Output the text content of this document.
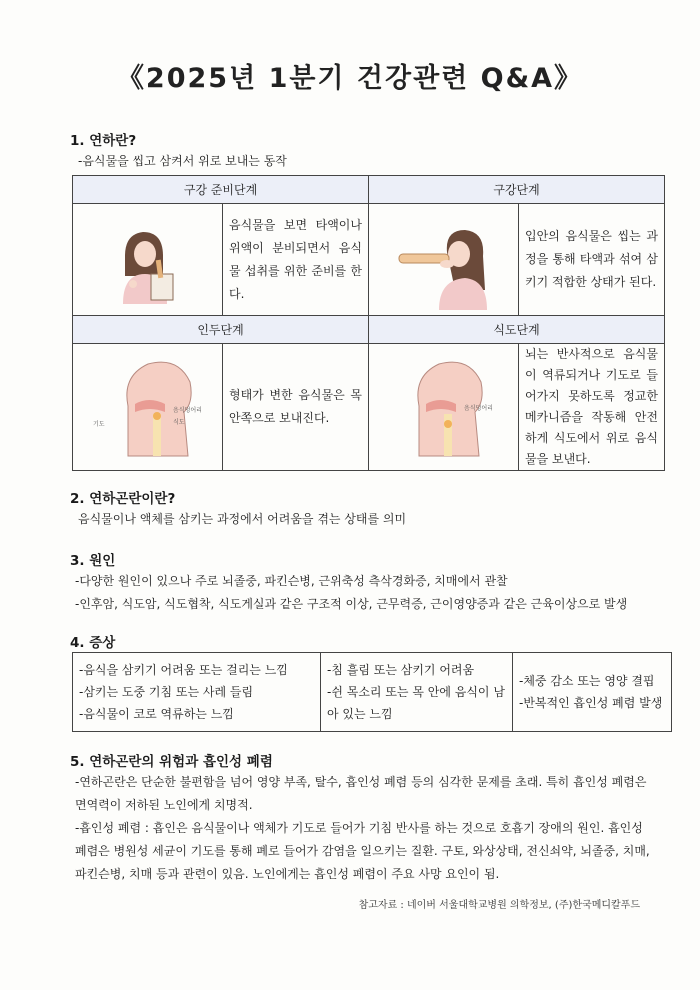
《2025년 1분기 건강관련 Q&A》
1. 연하란?
-음식물을 씹고 삼켜서 위로 보내는 동작
구강 준비단계		구강단계	

	음식물을 보면 타액이나 위액이 분비되면서 음식물 섭취를 위한 준비를 한다.		입안의 음식물은 씹는 과정을 통해 타액과 섞여 삼키기 적합한 상태가 된다.
인두단계		식도단계	

음식덩어리
기도 식도	형태가 변한 음식물은 목 안쪽으로 보내진다.	음식덩어리	뇌는 반사적으로 음식물이 역류되거나 기도로 들어가지 못하도록 정교한 메카니즘을 작동해 안전하게 식도에서 위로 음식물을 보낸다.
2. 연하곤란이란?
음식물이나 액체를 삼키는 과정에서 어려움을 겪는 상태를 의미
3. 원인
-다양한 원인이 있으나 주로 뇌졸중, 파킨슨병, 근위축성 측삭경화증, 치매에서 관찰
-인후암, 식도암, 식도협착, 식도게실과 같은 구조적 이상, 근무력증, 근이영양증과 같은 근육이상으로 발생
4. 증상
-음식을 삼키기 어려움 또는 걸리는 느낌
-삼키는 도중 기침 또는 사레 들림
-음식물이 코로 역류하는 느낌

-침 흘림 또는 삼키기 어려움
-쉰 목소리 또는 목 안에 음식이 남아 있는 느낌

-체중 감소 또는 영양 결핍
-반복적인 흡인성 폐렴 발생
5. 연하곤란의 위험과 흡인성 폐렴
-연하곤란은 단순한 불편함을 넘어 영양 부족, 탈수, 흡인성 폐렴 등의 심각한 문제를 초래. 특히 흡인성 폐렴은 면역력이 저하된 노인에게 치명적.
-흡인성 폐렴 : 흡인은 음식물이나 액체가 기도로 들어가 기침 반사를 하는 것으로 호흡기 장애의 원인. 흡인성 폐렴은 병원성 세균이 기도를 통해 폐로 들어가 감염을 일으키는 질환. 구토, 와상상태, 전신쇠약, 뇌졸중, 치매, 파킨슨병, 치매 등과 관련이 있음. 노인에게는 흡인성 폐렴이 주요 사망 요인이 됨.
참고자료 : 네이버 서울대학교병원 의학정보, (주)한국메디칼푸드
